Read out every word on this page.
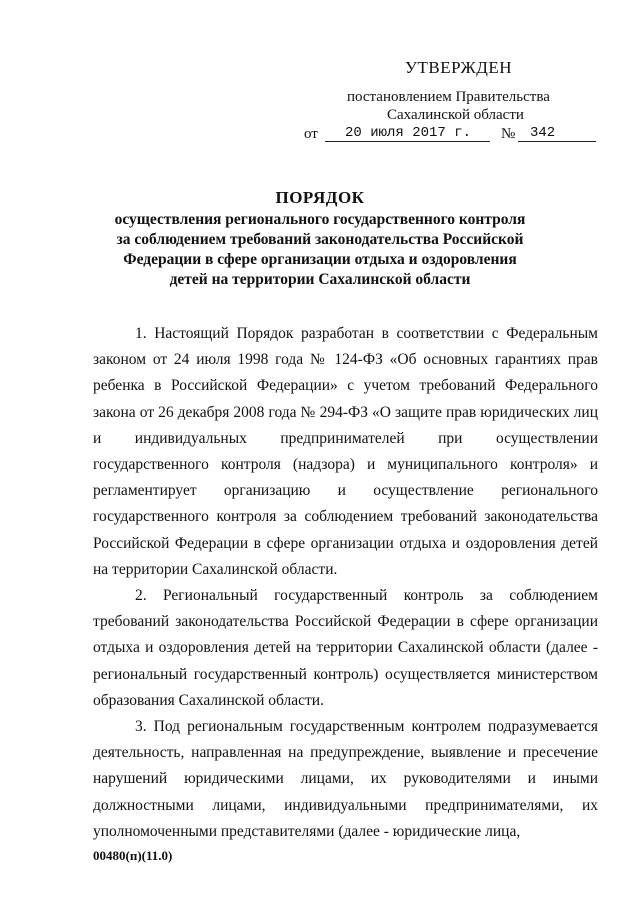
УТВЕРЖДЕН
постановлением Правительства
Сахалинской области
от	20 июля 2017 г.	№	342
ПОРЯДОК
осуществления регионального государственного контроля за соблюдением требований законодательства Российской Федерации в сфере организации отдыха и оздоровления детей на территории Сахалинской области

1. Настоящий Порядок разработан в соответствии с Федеральным законом от 24 июля 1998 года № 124-ФЗ «Об основных гарантиях прав ребенка в Российской Федерации» с учетом требований Федерального закона от 26 декабря 2008 года № 294-ФЗ «О защите прав юридических лиц и индивидуальных предпринимателей при осуществлении государственного контроля (надзора) и муниципального контроля» и регламентирует организацию и осуществление регионального государственного контроля за соблюдением требований законодательства Российской Федерации в сфере организации отдыха и оздоровления детей на территории Сахалинской области.

2. Региональный государственный контроль за соблюдением требований законодательства Российской Федерации в сфере организации отдыха и оздоровления детей на территории Сахалинской области (далее - региональный государственный контроль) осуществляется министерством образования Сахалинской области.

3. Под региональным государственным контролем подразумевается деятельность, направленная на предупреждение, выявление и пресечение нарушений юридическими лицами, их руководителями и иными должностными лицами, индивидуальными предпринимателями, их уполномоченными представителями (далее - юридические лица,

00480(п)(11.0)
